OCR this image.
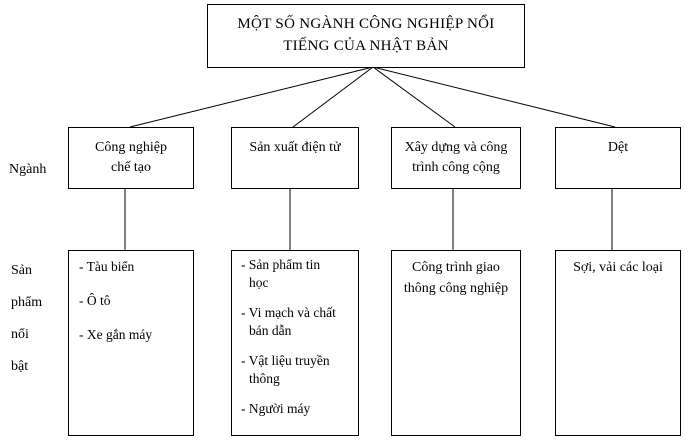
MỘT SỐ NGÀNH CÔNG NGHIỆP NỔI
TIẾNG CỦA NHẬT BẢN
Ngành
Sản
phẩm
nổi
bật
Công nghiệp
chế tạo
Sản xuất điện tử	Xây dựng và công
trình công cộng
Dệt
- Tàu biển
- Ô tô
- Xe gắn máy
- Sản phẩm tin
học
- Vi mạch và chất
bán dẫn
- Vật liệu truyền
thông
- Người máy
Công trình giao
thông công nghiệp
Sợi, vải các loại
